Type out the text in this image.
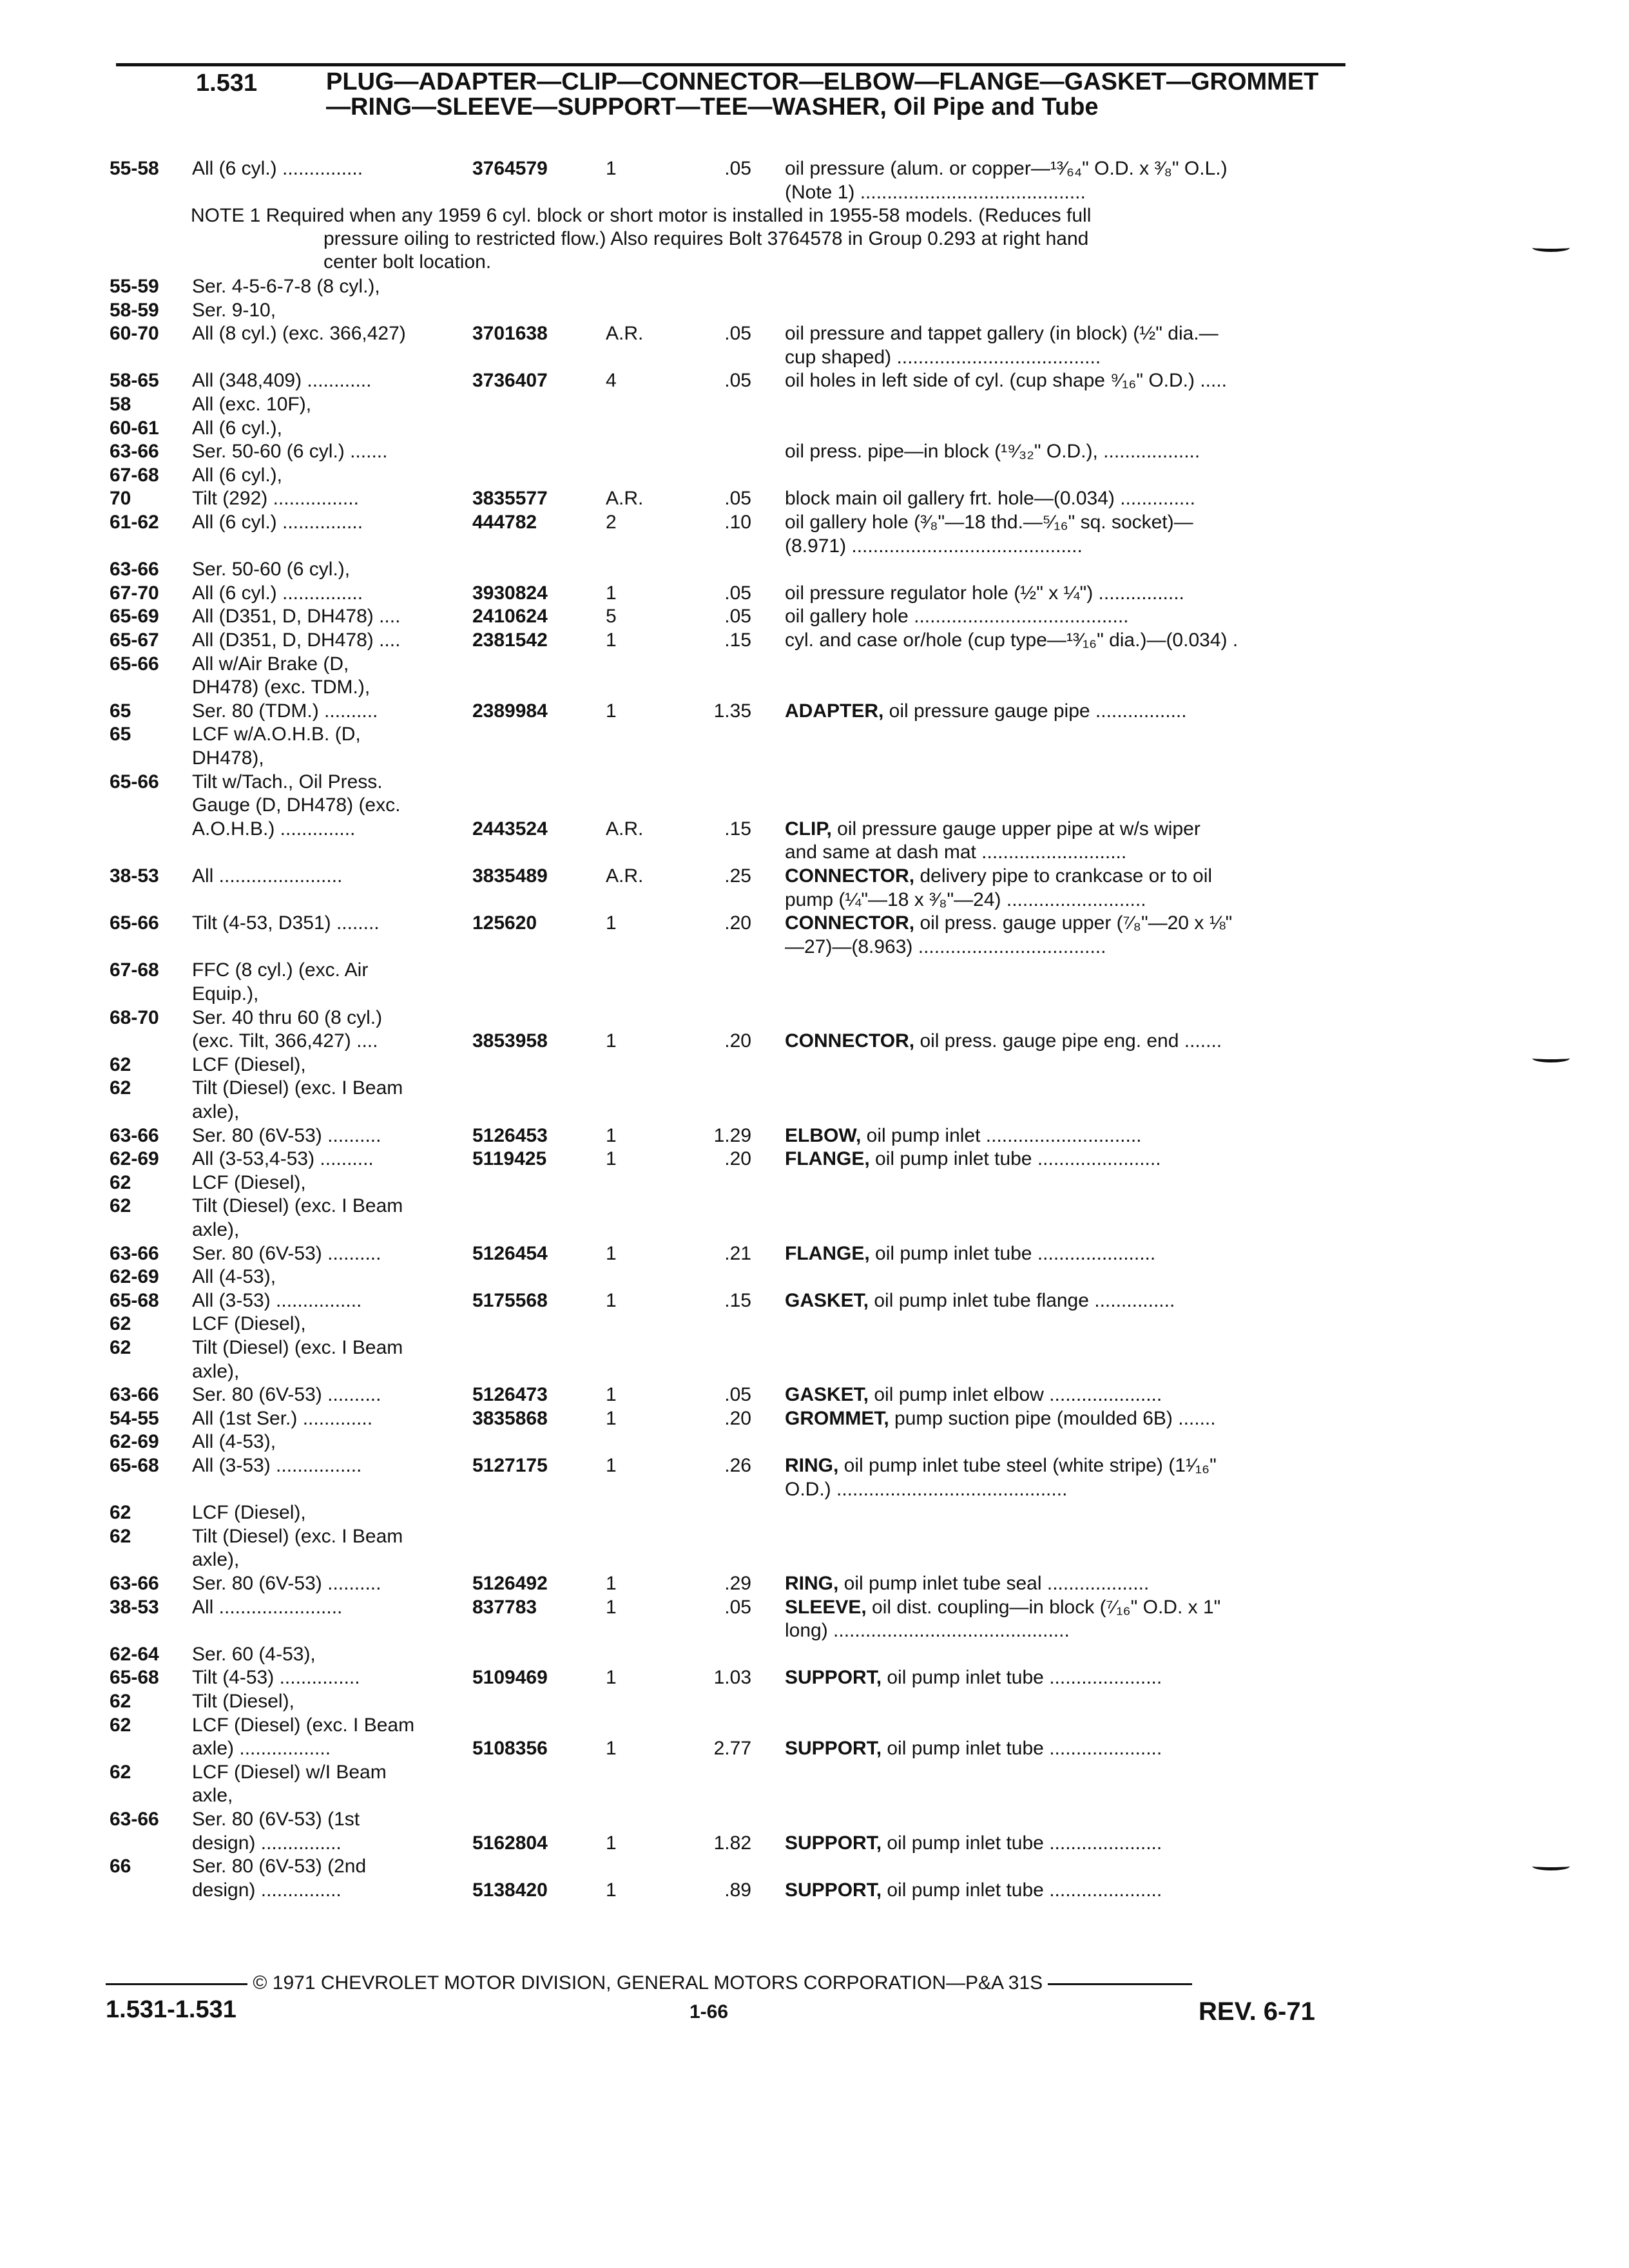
1.531	PLUG—ADAPTER—CLIP—CONNECTOR—ELBOW—FLANGE—GASKET—GROMMET—RING—SLEEVE—SUPPORT—TEE—WASHER, Oil Pipe and Tube
55-58 All (6 cyl.) ...............	3764579	1	.05 oil pressure (alum. or copper—¹³⁄₆₄" O.D. x ³⁄₈" O.L.)
(Note 1) ..........................................
55-59 Ser. 4-5-6-7-8 (8 cyl.),
58-59 Ser. 9-10,
60-70 All (8 cyl.) (exc. 366,427)	3701638	A.R.	.05 oil pressure and tappet gallery (in block) (½" dia.—
cup shaped) ......................................
58-65 All (348,409) ............	3736407	4	.05 oil holes in left side of cyl. (cup shape ⁹⁄₁₆" O.D.) .....
58	All (exc. 10F),
60-61 All (6 cyl.),
63-66 Ser. 50-60 (6 cyl.) .......	oil press. pipe—in block (¹⁹⁄₃₂" O.D.), ..................
67-68 All (6 cyl.),
70	Tilt (292) ................	3835577	A.R.	.05 block main oil gallery frt. hole—(0.034) ..............
61-62 All (6 cyl.) ...............	444782	2	.10 oil gallery hole (³⁄₈"—18 thd.—⁵⁄₁₆" sq. socket)—
(8.971) ...........................................
63-66 Ser. 50-60 (6 cyl.),
67-70 All (6 cyl.) ...............	3930824	1	.05 oil pressure regulator hole (½" x ¼") ................
65-69 All (D351, D, DH478) ....	2410624	5	.05 oil gallery hole ........................................
65-67 All (D351, D, DH478) ....	2381542	1	.15 cyl. and case or/hole (cup type—¹³⁄₁₆" dia.)—(0.034) .
65-66 All w/Air Brake (D,
DH478) (exc. TDM.),
65	Ser. 80 (TDM.) ..........	2389984	1	1.35 ADAPTER, oil pressure gauge pipe .................
65	LCF w/A.O.H.B. (D,
DH478),
65-66 Tilt w/Tach., Oil Press.
Gauge (D, DH478) (exc.
A.O.H.B.) ..............	2443524	A.R.	.15 CLIP, oil pressure gauge upper pipe at w/s wiper
and same at dash mat ...........................
38-53 All .......................	3835489	A.R.	.25 CONNECTOR, delivery pipe to crankcase or to oil
pump (¼"—18 x ³⁄₈"—24) ..........................
65-66 Tilt (4-53, D351) ........	125620	1	.20 CONNECTOR, oil press. gauge upper (⁷⁄₈"—20 x ⅛"
—27)—(8.963) ...................................
67-68 FFC (8 cyl.) (exc. Air
Equip.),
68-70 Ser. 40 thru 60 (8 cyl.)
(exc. Tilt, 366,427) ....	3853958	1	.20 CONNECTOR, oil press. gauge pipe eng. end .......
62	LCF (Diesel),
62	Tilt (Diesel) (exc. I Beam
axle),
63-66 Ser. 80 (6V-53) ..........	5126453	1	1.29 ELBOW, oil pump inlet .............................
62-69 All (3-53,4-53) ..........	5119425	1	.20 FLANGE, oil pump inlet tube .......................
62	LCF (Diesel),
62	Tilt (Diesel) (exc. I Beam
axle),
63-66 Ser. 80 (6V-53) ..........	5126454	1	.21 FLANGE, oil pump inlet tube ......................
62-69 All (4-53),
65-68 All (3-53) ................	5175568	1	.15 GASKET, oil pump inlet tube flange ...............
62	LCF (Diesel),
62	Tilt (Diesel) (exc. I Beam
axle),
63-66 Ser. 80 (6V-53) ..........	5126473	1	.05 GASKET, oil pump inlet elbow .....................
54-55 All (1st Ser.) .............	3835868	1	.20 GROMMET, pump suction pipe (moulded 6B) .......
62-69 All (4-53),
65-68 All (3-53) ................	5127175	1	.26 RING, oil pump inlet tube steel (white stripe) (1¹⁄₁₆"
O.D.) ...........................................
62	LCF (Diesel),
62	Tilt (Diesel) (exc. I Beam
axle),
63-66 Ser. 80 (6V-53) ..........	5126492	1	.29 RING, oil pump inlet tube seal ...................
38-53 All .......................	837783	1	.05 SLEEVE, oil dist. coupling—in block (⁷⁄₁₆" O.D. x 1"
long) ............................................
62-64 Ser. 60 (4-53),
65-68 Tilt (4-53) ...............	5109469	1	1.03 SUPPORT, oil pump inlet tube .....................
62	Tilt (Diesel),
62	LCF (Diesel) (exc. I Beam
axle) .................	5108356	1	2.77 SUPPORT, oil pump inlet tube .....................
62	LCF (Diesel) w/I Beam
axle,
63-66 Ser. 80 (6V-53) (1st
design) ...............	5162804	1	1.82 SUPPORT, oil pump inlet tube .....................
66	Ser. 80 (6V-53) (2nd
design) ...............	5138420	1	.89 SUPPORT, oil pump inlet tube .....................
NOTE 1 Required when any 1959 6 cyl. block or short motor is installed in 1955-58 models. (Reduces full
pressure oiling to restricted flow.) Also requires Bolt 3764578 in Group 0.293 at right hand
center bolt location.
© 1971 CHEVROLET MOTOR DIVISION, GENERAL MOTORS CORPORATION—P&A 31S
1.531-1.531	1-66	REV. 6-71
